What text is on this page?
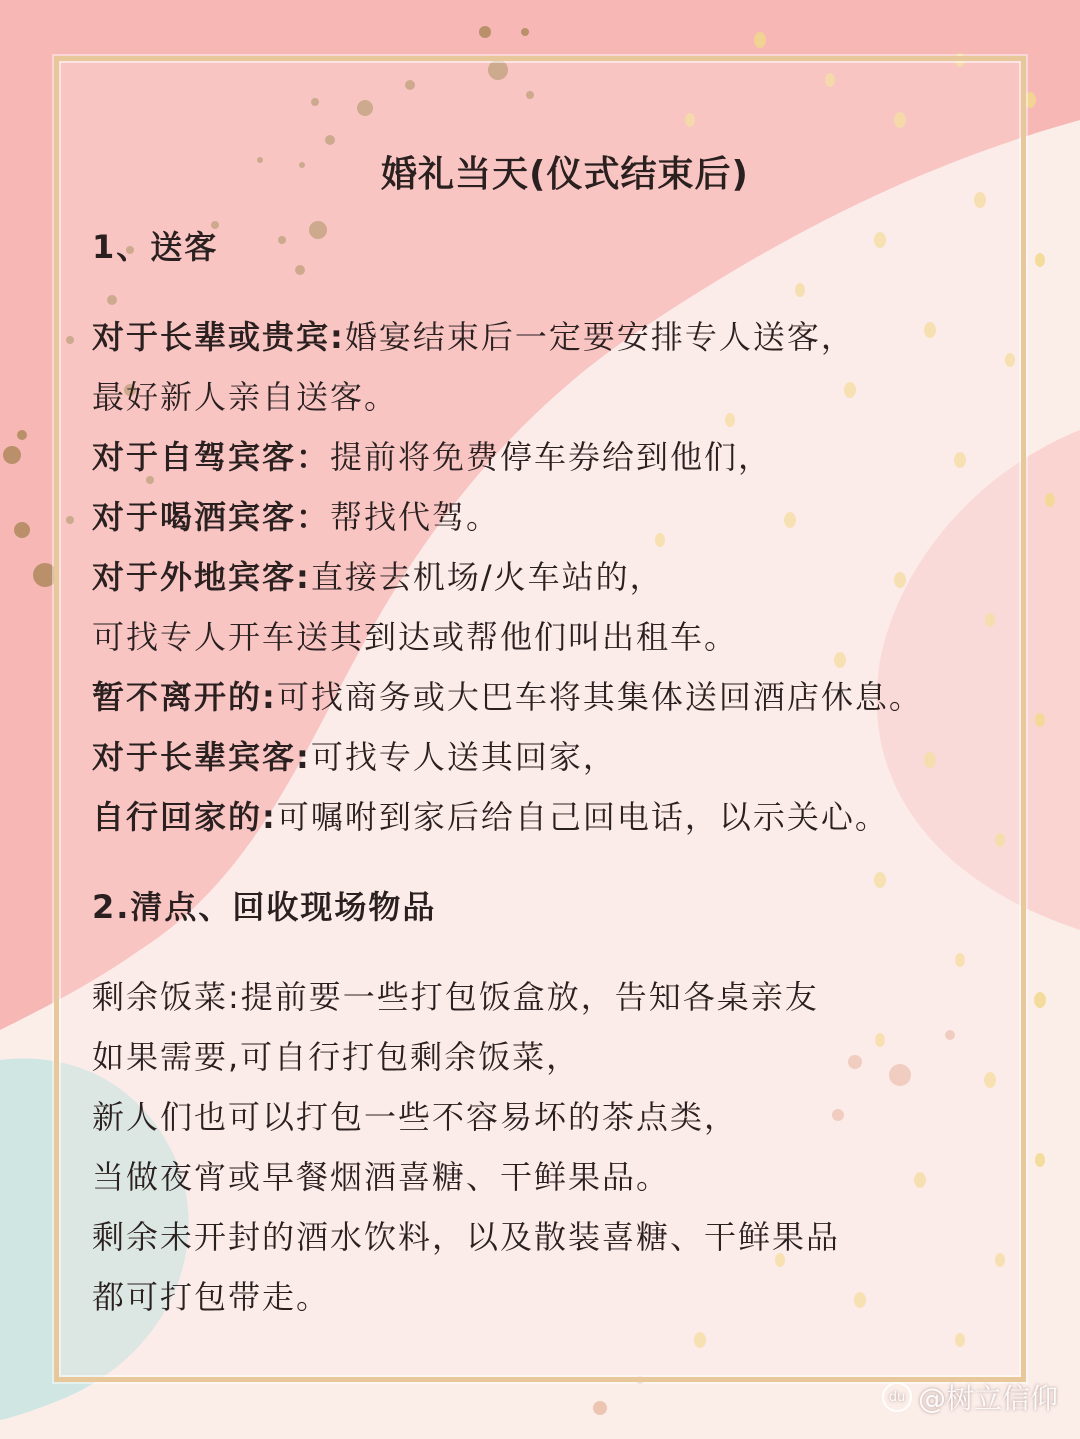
婚礼当天(仪式结束后)
1、送客
对于长辈或贵宾:婚宴结束后一定要安排专人送客，
最好新人亲自送客。
对于自驾宾客：提前将免费停车券给到他们，
对于喝酒宾客：帮找代驾。
对于外地宾客:直接去机场/火车站的，
可找专人开车送其到达或帮他们叫出租车。
暂不离开的:可找商务或大巴车将其集体送回酒店休息。
对于长辈宾客:可找专人送其回家，
自行回家的:可嘱咐到家后给自己回电话，以示关心。
2.清点、回收现场物品
剩余饭菜:提前要一些打包饭盒放，告知各桌亲友
如果需要,可自行打包剩余饭菜，
新人们也可以打包一些不容易坏的茶点类，
当做夜宵或早餐烟酒喜糖、干鲜果品。
剩余未开封的酒水饮料，以及散装喜糖、干鲜果品
都可打包带走。
du @树立信仰
